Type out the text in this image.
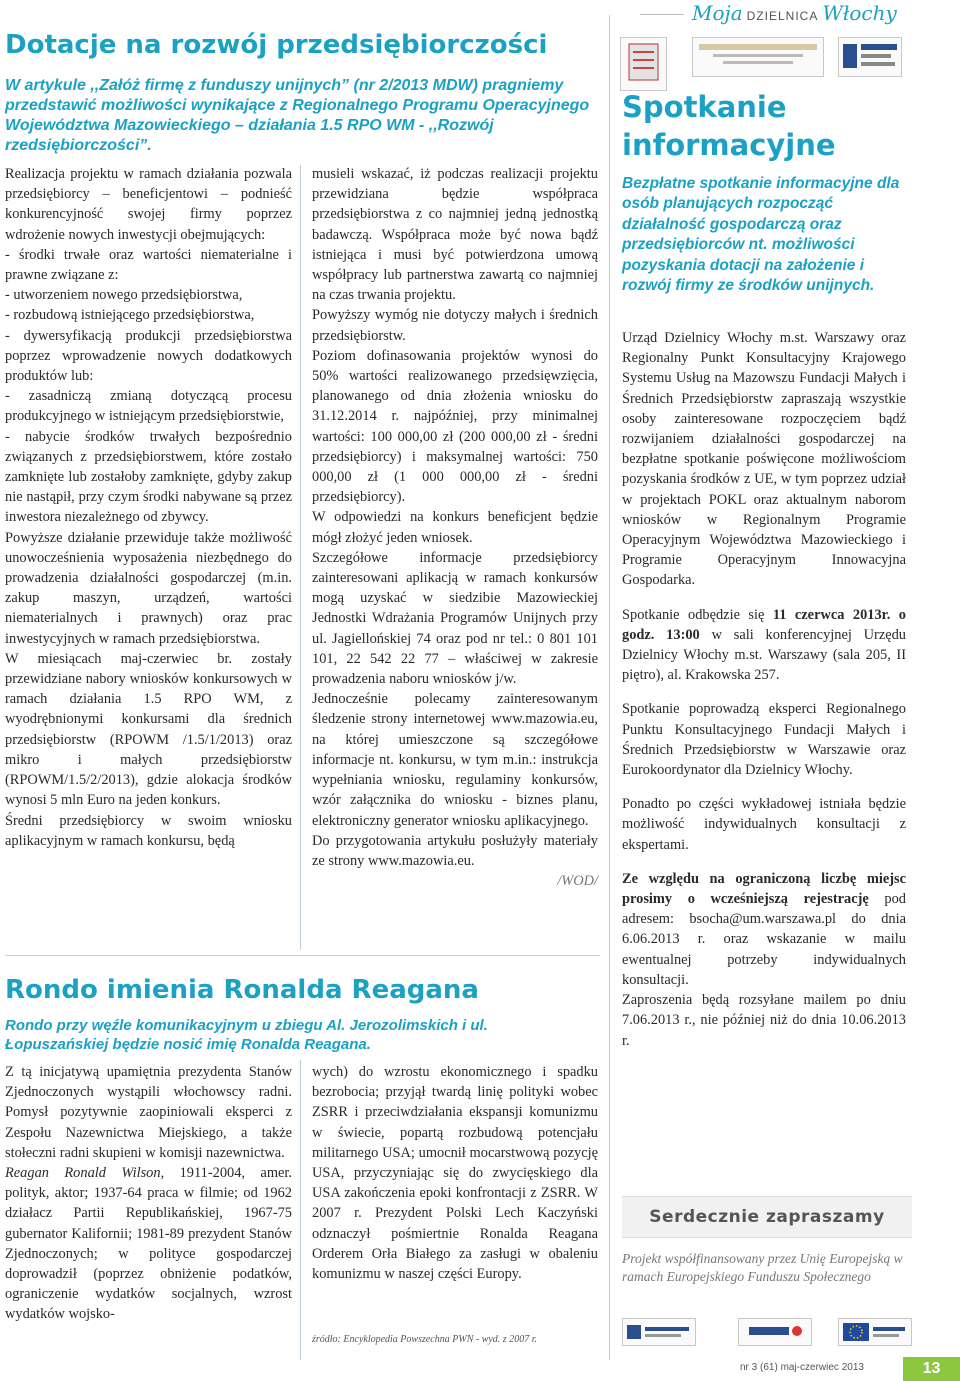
Moja DZIELNICA Włochy
Dotacje na rozwój przedsiębiorczości
W artykule ,,Załóż firmę z funduszy unijnych” (nr 2/2013 MDW) pragniemy przedstawić możliwości wynikające z Regionalnego Programu Operacyjnego Województwa Mazowieckiego – działania 1.5 RPO WM - ,,Rozwój rzedsiębiorczości”.

Realizacja projektu w ramach działania pozwala przedsiębiorcy – beneficjentowi – podnieść konkurencyjność swojej firmy poprzez wdrożenie nowych inwestycji obejmujących:

- środki trwałe oraz wartości niematerialne i prawne związane z:

- utworzeniem nowego przedsiębiorstwa,

- rozbudową istniejącego przedsiębiorstwa,

- dywersyfikacją produkcji przedsiębiorstwa poprzez wprowadzenie nowych dodatkowych produktów lub:

- zasadniczą zmianą dotyczącą procesu produkcyjnego w istniejącym przedsiębiorstwie,

- nabycie środków trwałych bezpośrednio związanych z przedsiębiorstwem, które zostało zamknięte lub zostałoby zamknięte, gdyby zakup nie nastąpił, przy czym środki nabywane są przez inwestora niezależnego od zbywcy.

Powyższe działanie przewiduje także możliwość unowocześnienia wyposażenia niezbędnego do prowadzenia działalności gospodarczej (m.in. zakup maszyn, urządzeń, wartości niematerialnych i prawnych) oraz prac inwestycyjnych w ramach przedsiębiorstwa.

W miesiącach maj-czerwiec br. zostały przewidziane nabory wniosków konkursowych w ramach działania 1.5 RPO WM, z wyodrębnionymi konkursami dla średnich przedsiębiorstw (RPOWM /1.5/1/2013) oraz mikro i małych przedsiębiorstw (RPOWM/1.5/2/2013), gdzie alokacja środków wynosi 5 mln Euro na jeden konkurs.

Średni przedsiębiorcy w swoim wniosku aplikacyjnym w ramach konkursu, będą

musieli wskazać, iż podczas realizacji projektu przewidziana będzie współpraca przedsiębiorstwa z co najmniej jedną jednostką badawczą. Współpraca może być nowa bądź istniejąca i musi być potwierdzona umową współpracy lub partnerstwa zawartą co najmniej na czas trwania projektu.

Powyższy wymóg nie dotyczy małych i średnich przedsiębiorstw.

Poziom dofinasowania projektów wynosi do 50% wartości realizowanego przedsięwzięcia, planowanego od dnia złożenia wniosku do 31.12.2014 r. najpóźniej, przy minimalnej wartości: 100 000,00 zł (200 000,00 zł - średni przedsiębiorcy) i maksymalnej wartości: 750 000,00 zł (1 000 000,00 zł - średni przedsiębiorcy).

W odpowiedzi na konkurs beneficjent będzie mógł złożyć jeden wniosek.

Szczegółowe informacje przedsiębiorcy zainteresowani aplikacją w ramach konkursów mogą uzyskać w siedzibie Mazowieckiej Jednostki Wdrażania Programów Unijnych przy ul. Jagiellońskiej 74 oraz pod nr tel.: 0 801 101 101, 22 542 22 77 – właściwej w zakresie prowadzenia naboru wniosków j/w.

Jednocześnie polecamy zainteresowanym śledzenie strony internetowej www.mazowia.eu, na której umieszczone są szczegółowe informacje nt. konkursu, w tym m.in.: instrukcja wypełniania wniosku, regulaminy konkursów, wzór załącznika do wniosku - biznes planu, elektroniczny generator wniosku aplikacyjnego.

Do przygotowania artykułu posłużyły materiały ze strony www.mazowia.eu.

/WOD/

Rondo imienia Ronalda Reagana
Rondo przy węźle komunikacyjnym u zbiegu Al. Jerozolimskich i ul. Łopuszańskiej będzie nosić imię Ronalda Reagana.

Z tą inicjatywą upamiętnia prezydenta Stanów Zjednoczonych wystąpili włochowscy radni. Pomysł pozytywnie zaopiniowali eksperci z Zespołu Nazewnictwa Miejskiego, a także stołeczni radni skupieni w komisji nazewnictwa.

Reagan Ronald Wilson, 1911-2004, amer. polityk, aktor; 1937-64 praca w filmie; od 1962 działacz Partii Republikańskiej, 1967-75 gubernator Kalifornii; 1981-89 prezydent Stanów Zjednoczonych; w polityce gospodarczej doprowadził (poprzez obniżenie podatków, ograniczenie wydatków socjalnych, wzrost wydatków wojsko-

wych) do wzrostu ekonomicznego i spadku bezrobocia; przyjął twardą linię polityki wobec ZSRR i przeciwdziałania ekspansji komunizmu w świecie, popartą rozbudową potencjału militarnego USA; umocnił mocarstwową pozycję USA, przyczyniając się do zwycięskiego dla USA zakończenia epoki konfrontacji z ZSRR. W 2007 r. Prezydent Polski Lech Kaczyński odznaczył pośmiertnie Ronalda Reagana Orderem Orła Białego za zasługi w obaleniu komunizmu w naszej części Europy.

źródło: Encyklopedia Powszechna PWN - wyd. z 2007 r.
Spotkanie
informacyjne
Bezpłatne spotkanie informacyjne dla osób planujących rozpocząć działalność gospodarczą oraz przedsiębiorców nt. możliwości pozyskania dotacji na założenie i rozwój firmy ze środków unijnych.

Urząd Dzielnicy Włochy m.st. Warszawy oraz Regionalny Punkt Konsultacyjny Krajowego Systemu Usług na Mazowszu Fundacji Małych i Średnich Przedsiębiorstw zapraszają wszystkie osoby zainteresowane rozpoczęciem bądź rozwijaniem działalności gospodarczej na bezpłatne spotkanie poświęcone możliwościom pozyskania środków z UE, w tym poprzez udział w projektach POKL oraz aktualnym naborom wniosków w Regionalnym Programie Operacyjnym Województwa Mazowieckiego i Programie Operacyjnym Innowacyjna Gospodarka.

Spotkanie odbędzie się 11 czerwca 2013r. o godz. 13:00 w sali konferencyjnej Urzędu Dzielnicy Włochy m.st. Warszawy (sala 205, II piętro), al. Krakowska 257.

Spotkanie poprowadzą eksperci Regionalnego Punktu Konsultacyjnego Fundacji Małych i Średnich Przedsiębiorstw w Warszawie oraz Eurokoordynator dla Dzielnicy Włochy.

Ponadto po części wykładowej istniała będzie możliwość indywidualnych konsultacji z ekspertami.

Ze względu na ograniczoną liczbę miejsc prosimy o wcześniejszą rejestrację pod adresem: bsocha@um.warszawa.pl do dnia 6.06.2013 r. oraz wskazanie w mailu ewentualnej potrzeby indywidualnych konsultacji.

Zaproszenia będą rozsyłane mailem po dniu 7.06.2013 r., nie później niż do dnia 10.06.2013 r.

Serdecznie zapraszamy
Projekt współfinansowany przez Unię Europejską w ramach Europejskiego Funduszu Społecznego
nr 3 (61) maj-czerwiec 2013	13
